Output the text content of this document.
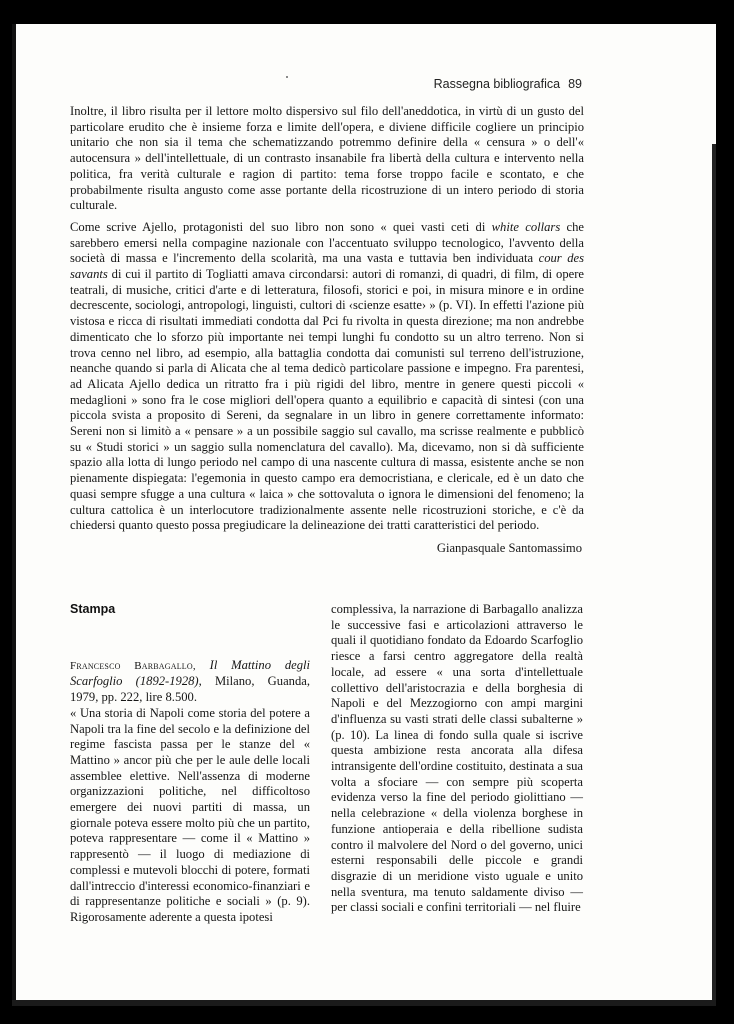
Rassegna bibliografica 89

Inoltre, il libro risulta per il lettore molto dispersivo sul filo dell'aneddotica, in virtù di un gusto del particolare erudito che è insieme forza e limite dell'opera, e diviene difficile cogliere un principio unitario che non sia il tema che schematizzando potremmo definire della « censura » o dell'« autocensura » dell'intellettuale, di un contrasto insanabile fra libertà della cultura e intervento nella politica, fra verità culturale e ragion di partito: tema forse troppo facile e scontato, e che probabilmente risulta angusto come asse portante della ricostruzione di un intero periodo di storia culturale.

Come scrive Ajello, protagonisti del suo libro non sono « quei vasti ceti di white collars che sarebbero emersi nella compagine nazionale con l'accentuato sviluppo tecnologico, l'avvento della società di massa e l'incremento della scolarità, ma una vasta e tuttavia ben individuata cour des savants di cui il partito di Togliatti amava circondarsi: autori di romanzi, di quadri, di film, di opere teatrali, di musiche, critici d'arte e di letteratura, filosofi, storici e poi, in misura minore e in ordine decrescente, sociologi, antropologi, linguisti, cultori di ‹scienze esatte› » (p. VI). In effetti l'azione più vistosa e ricca di risultati immediati condotta dal Pci fu rivolta in questa direzione; ma non andrebbe dimenticato che lo sforzo più importante nei tempi lunghi fu condotto su un altro terreno. Non si trova cenno nel libro, ad esempio, alla battaglia condotta dai comunisti sul terreno dell'istruzione, neanche quando si parla di Alicata che al tema dedicò particolare passione e impegno. Fra parentesi, ad Alicata Ajello dedica un ritratto fra i più rigidi del libro, mentre in genere questi piccoli « medaglioni » sono fra le cose migliori dell'opera quanto a equilibrio e capacità di sintesi (con una piccola svista a proposito di Sereni, da segnalare in un libro in genere correttamente informato: Sereni non si limitò a « pensare » a un possibile saggio sul cavallo, ma scrisse realmente e pubblicò su « Studi storici » un saggio sulla nomenclatura del cavallo). Ma, dicevamo, non si dà sufficiente spazio alla lotta di lungo periodo nel campo di una nascente cultura di massa, esistente anche se non pienamente dispiegata: l'egemonia in questo campo era democristiana, e clericale, ed è un dato che quasi sempre sfugge a una cultura « laica » che sottovaluta o ignora le dimensioni del fenomeno; la cultura cattolica è un interlocutore tradizionalmente assente nelle ricostruzioni storiche, e c'è da chiedersi quanto questo possa pregiudicare la delineazione dei tratti caratteristici del periodo.

Gianpasquale Santomassimo
Stampa

Francesco Barbagallo, Il Mattino degli Scarfoglio (1892-1928), Milano, Guanda, 1979, pp. 222, lire 8.500.

« Una storia di Napoli come storia del potere a Napoli tra la fine del secolo e la definizione del regime fascista passa per le stanze del « Mattino » ancor più che per le aule delle locali assemblee elettive. Nell'assenza di moderne organizzazioni politiche, nel difficoltoso emergere dei nuovi partiti di massa, un giornale poteva essere molto più che un partito, poteva rappresentare — come il « Mattino » rappresentò — il luogo di mediazione di complessi e mutevoli blocchi di potere, formati dall'intreccio d'interessi economico-finanziari e di rappresentanze politiche e sociali » (p. 9). Rigorosamente aderente a questa ipotesi

complessiva, la narrazione di Barbagallo analizza le successive fasi e articolazioni attraverso le quali il quotidiano fondato da Edoardo Scarfoglio riesce a farsi centro aggregatore della realtà locale, ad essere « una sorta d'intellettuale collettivo dell'aristocrazia e della borghesia di Napoli e del Mezzogiorno con ampi margini d'influenza su vasti strati delle classi subalterne » (p. 10). La linea di fondo sulla quale si iscrive questa ambizione resta ancorata alla difesa intransigente dell'ordine costituito, destinata a sua volta a sfociare — con sempre più scoperta evidenza verso la fine del periodo giolittiano — nella celebrazione « della violenza borghese in funzione antioperaia e della ribellione sudista contro il malvolere del Nord o del governo, unici esterni responsabili delle piccole e grandi disgrazie di un meridione visto uguale e unito nella sventura, ma tenuto saldamente diviso — per classi sociali e confini territoriali — nel fluire
